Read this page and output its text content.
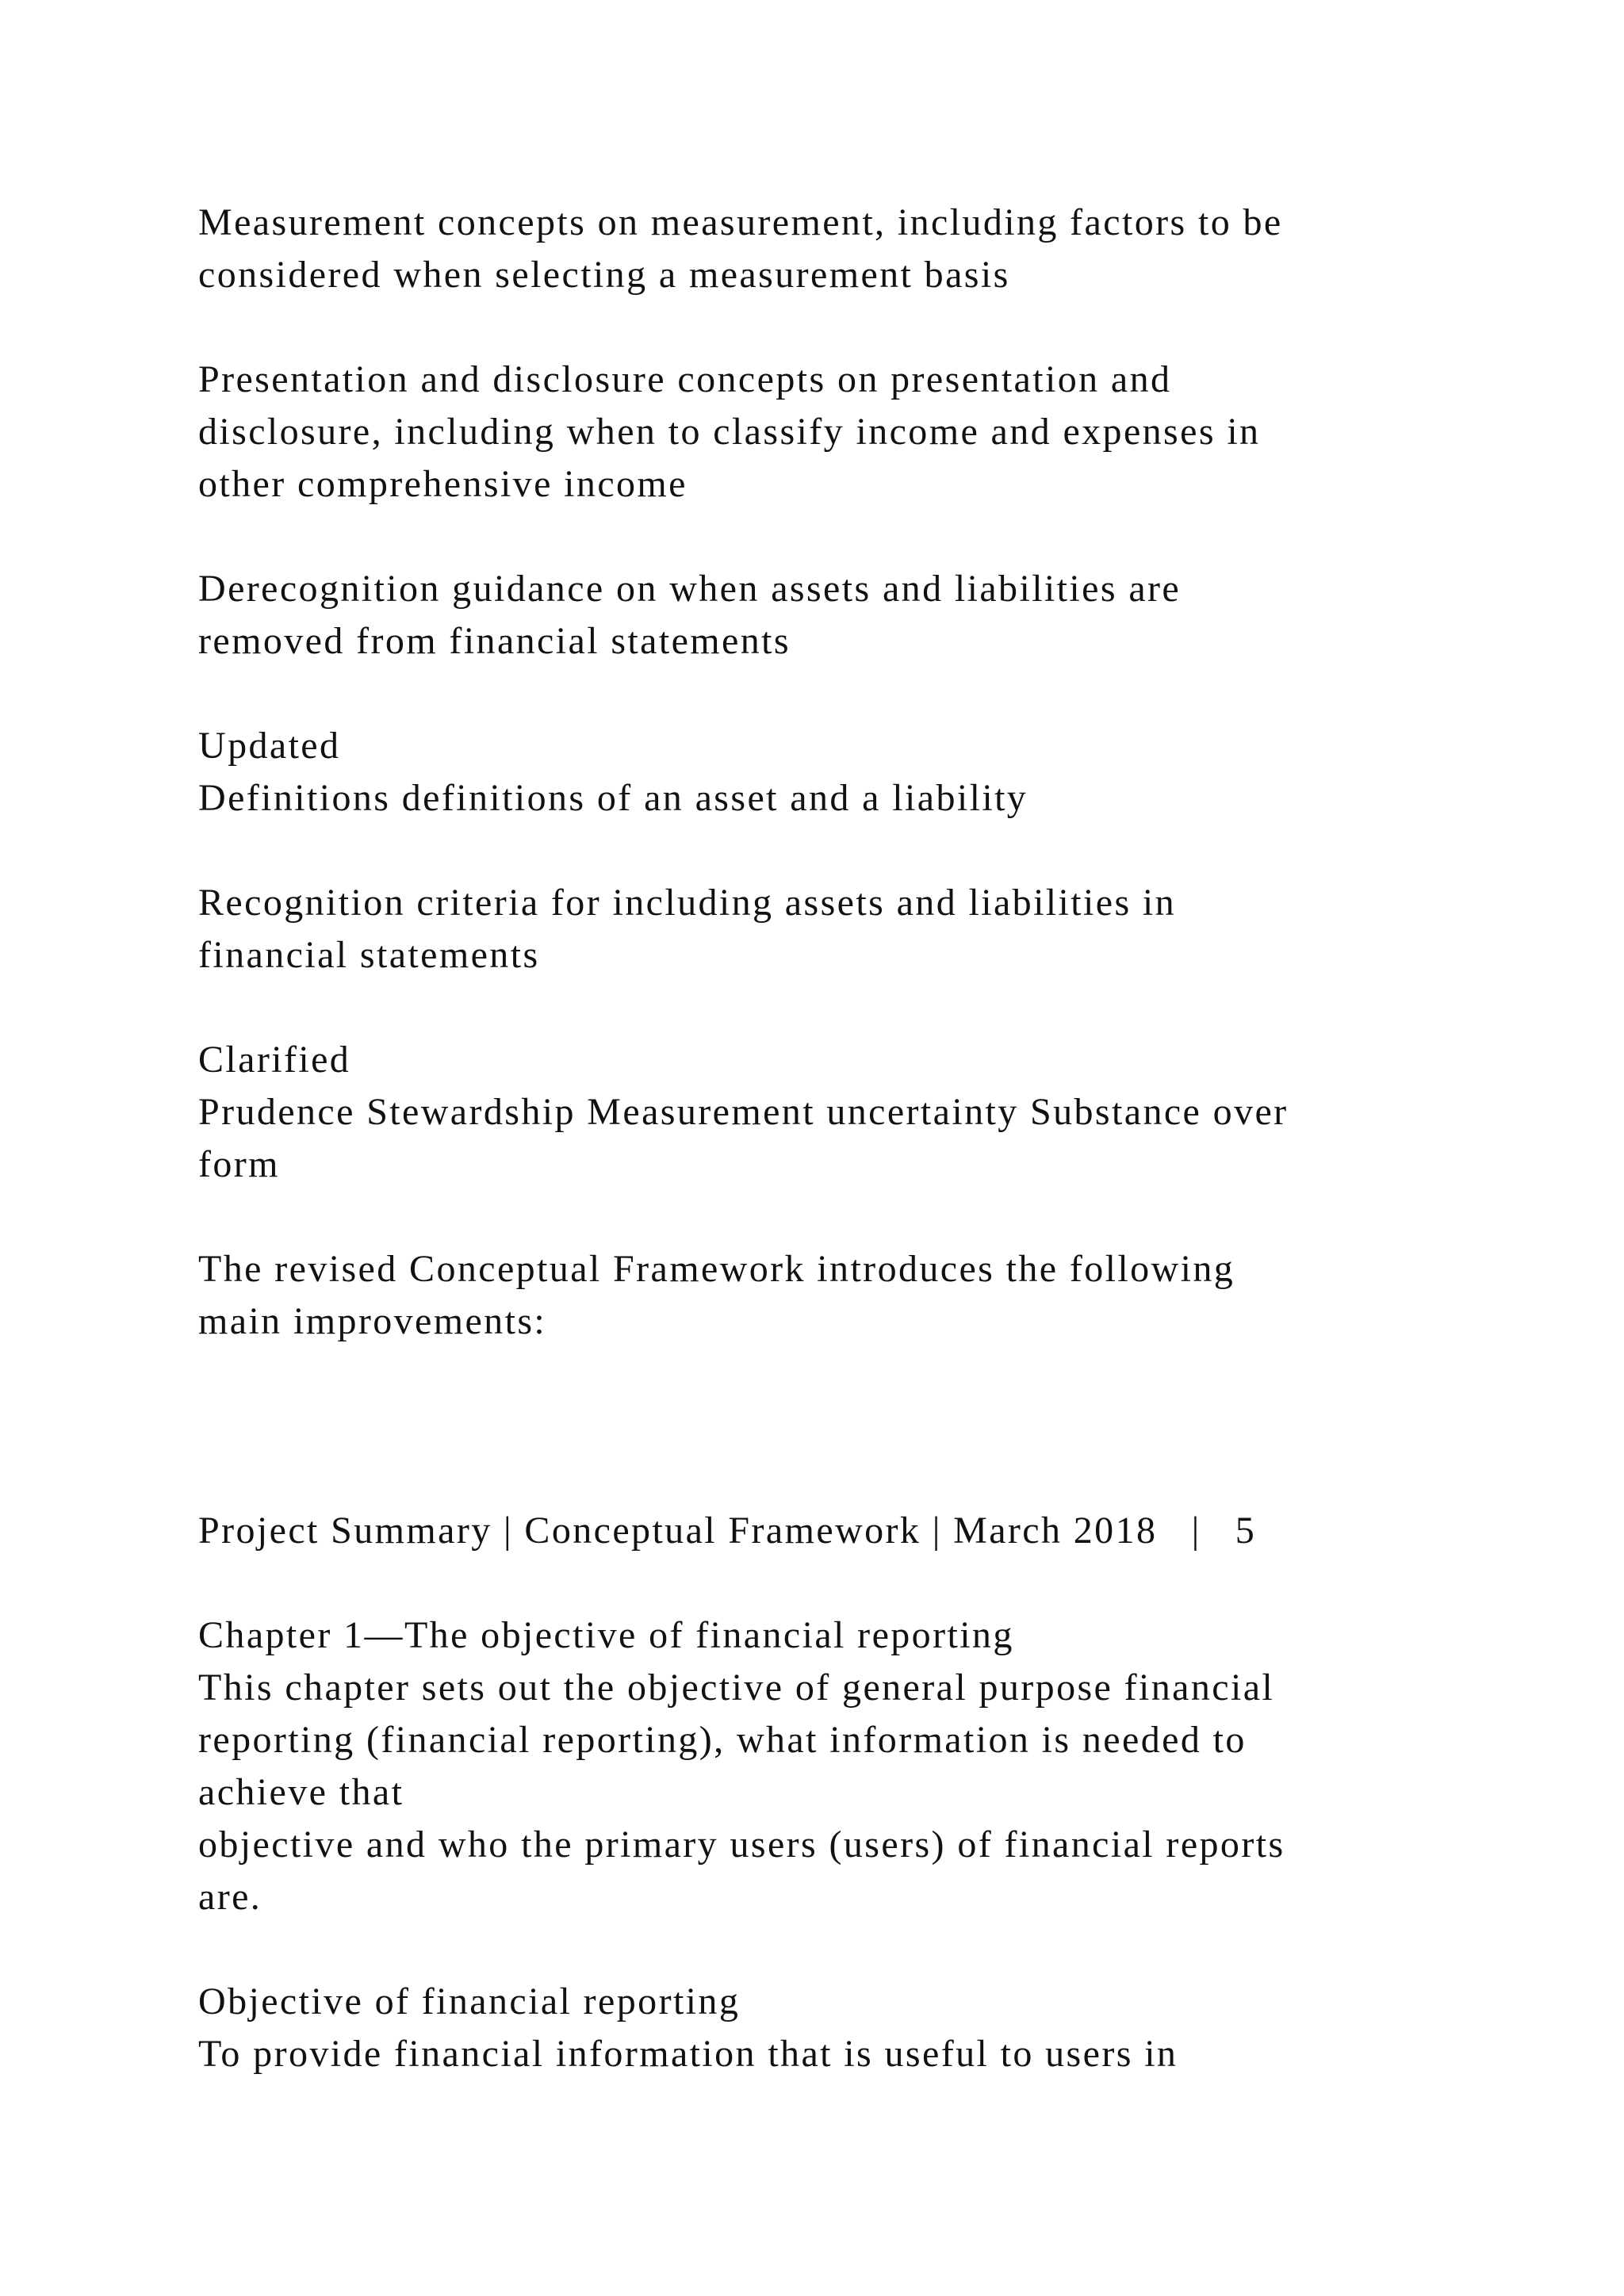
Measurement concepts on measurement, including factors to be

considered when selecting a measurement basis

Presentation and disclosure concepts on presentation and

disclosure, including when to classify income and expenses in

other comprehensive income

Derecognition guidance on when assets and liabilities are

removed from financial statements

Updated

Definitions definitions of an asset and a liability

Recognition criteria for including assets and liabilities in

financial statements

Clarified

Prudence Stewardship Measurement uncertainty Substance over

form

The revised Conceptual Framework introduces the following

main improvements:

Project Summary | Conceptual Framework | March 2018   |   5

Chapter 1—The objective of financial reporting

This chapter sets out the objective of general purpose financial

reporting (financial reporting), what information is needed to

achieve that

objective and who the primary users (users) of financial reports

are.

Objective of financial reporting

To provide financial information that is useful to users in
